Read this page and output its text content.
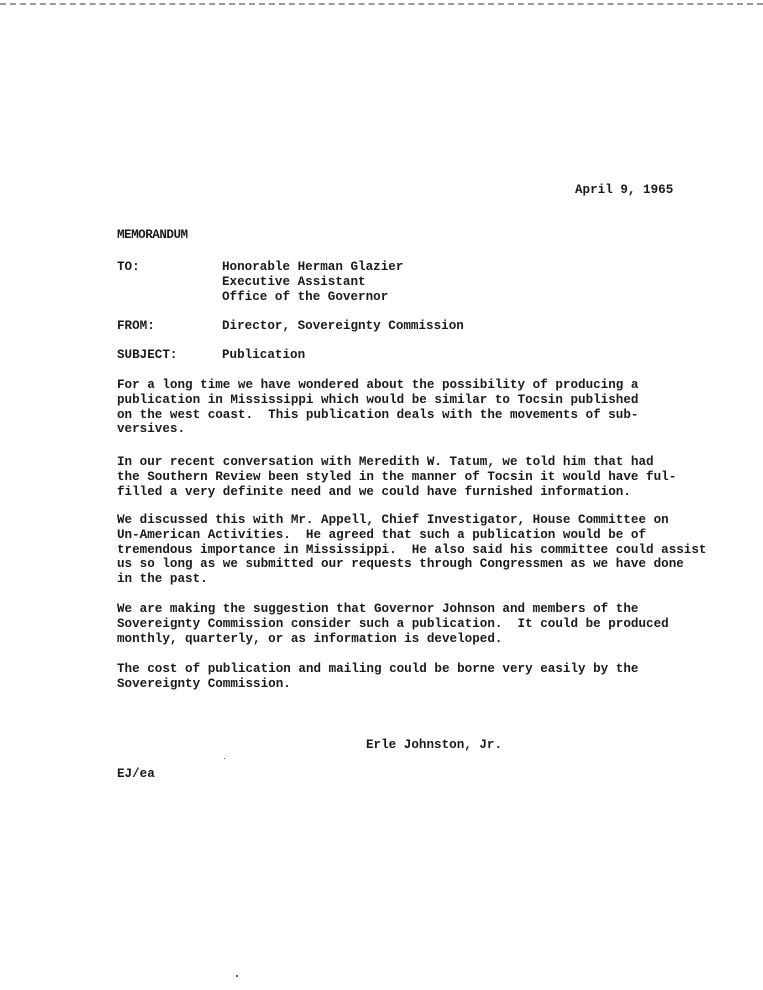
April 9, 1965
MEMORANDUM
TO:	Honorable Herman Glazier
Executive Assistant
Office of the Governor
FROM:	Director, Sovereignty Commission
SUBJECT:	Publication
For a long time we have wondered about the possibility of producing a
publication in Mississippi which would be similar to Tocsin published
on the west coast.  This publication deals with the movements of sub-
versives.
In our recent conversation with Meredith W. Tatum, we told him that had
the Southern Review been styled in the manner of Tocsin it would have ful-
filled a very definite need and we could have furnished information.
We discussed this with Mr. Appell, Chief Investigator, House Committee on
Un-American Activities.  He agreed that such a publication would be of
tremendous importance in Mississippi.  He also said his committee could assist
us so long as we submitted our requests through Congressmen as we have done
in the past.
We are making the suggestion that Governor Johnson and members of the
Sovereignty Commission consider such a publication.  It could be produced
monthly, quarterly, or as information is developed.
The cost of publication and mailing could be borne very easily by the
Sovereignty Commission.
Erle Johnston, Jr.
EJ/ea
